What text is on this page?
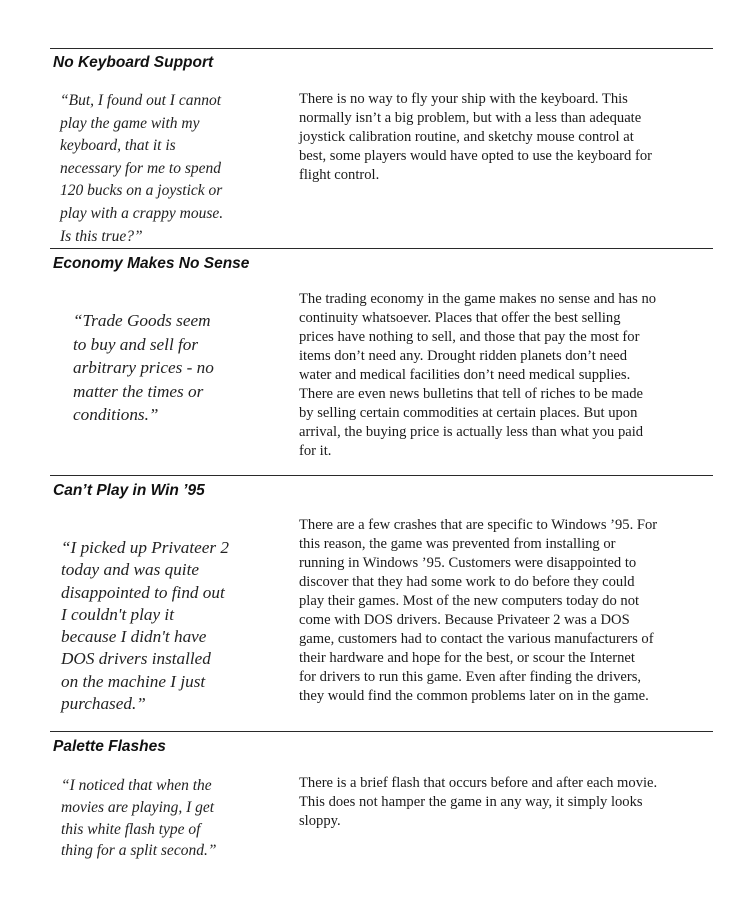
No Keyboard Support
“But, I found out I cannot
play the game with my
keyboard, that it is
necessary for me to spend
120 bucks on a joystick or
play with a crappy mouse.
Is this true?”
There is no way to fly your ship with the keyboard. This
normally isn’t a big problem, but with a less than adequate
joystick calibration routine, and sketchy mouse control at
best, some players would have opted to use the keyboard for
flight control.
Economy Makes No Sense
“Trade Goods seem
to buy and sell for
arbitrary prices - no
matter the times or
conditions.”
The trading economy in the game makes no sense and has no
continuity whatsoever. Places that offer the best selling
prices have nothing to sell, and those that pay the most for
items don’t need any. Drought ridden planets don’t need
water and medical facilities don’t need medical supplies.
There are even news bulletins that tell of riches to be made
by selling certain commodities at certain places. But upon
arrival, the buying price is actually less than what you paid
for it.
Can’t Play in Win ’95
“I picked up Privateer 2
today and was quite
disappointed to find out
I couldn't play it
because I didn't have
DOS drivers installed
on the machine I just
purchased.”
There are a few crashes that are specific to Windows ’95. For
this reason, the game was prevented from installing or
running in Windows ’95. Customers were disappointed to
discover that they had some work to do before they could
play their games. Most of the new computers today do not
come with DOS drivers. Because Privateer 2 was a DOS
game, customers had to contact the various manufacturers of
their hardware and hope for the best, or scour the Internet
for drivers to run this game. Even after finding the drivers,
they would find the common problems later on in the game.
Palette Flashes
“I noticed that when the
movies are playing, I get
this white flash type of
thing for a split second.”
There is a brief flash that occurs before and after each movie.
This does not hamper the game in any way, it simply looks
sloppy.
